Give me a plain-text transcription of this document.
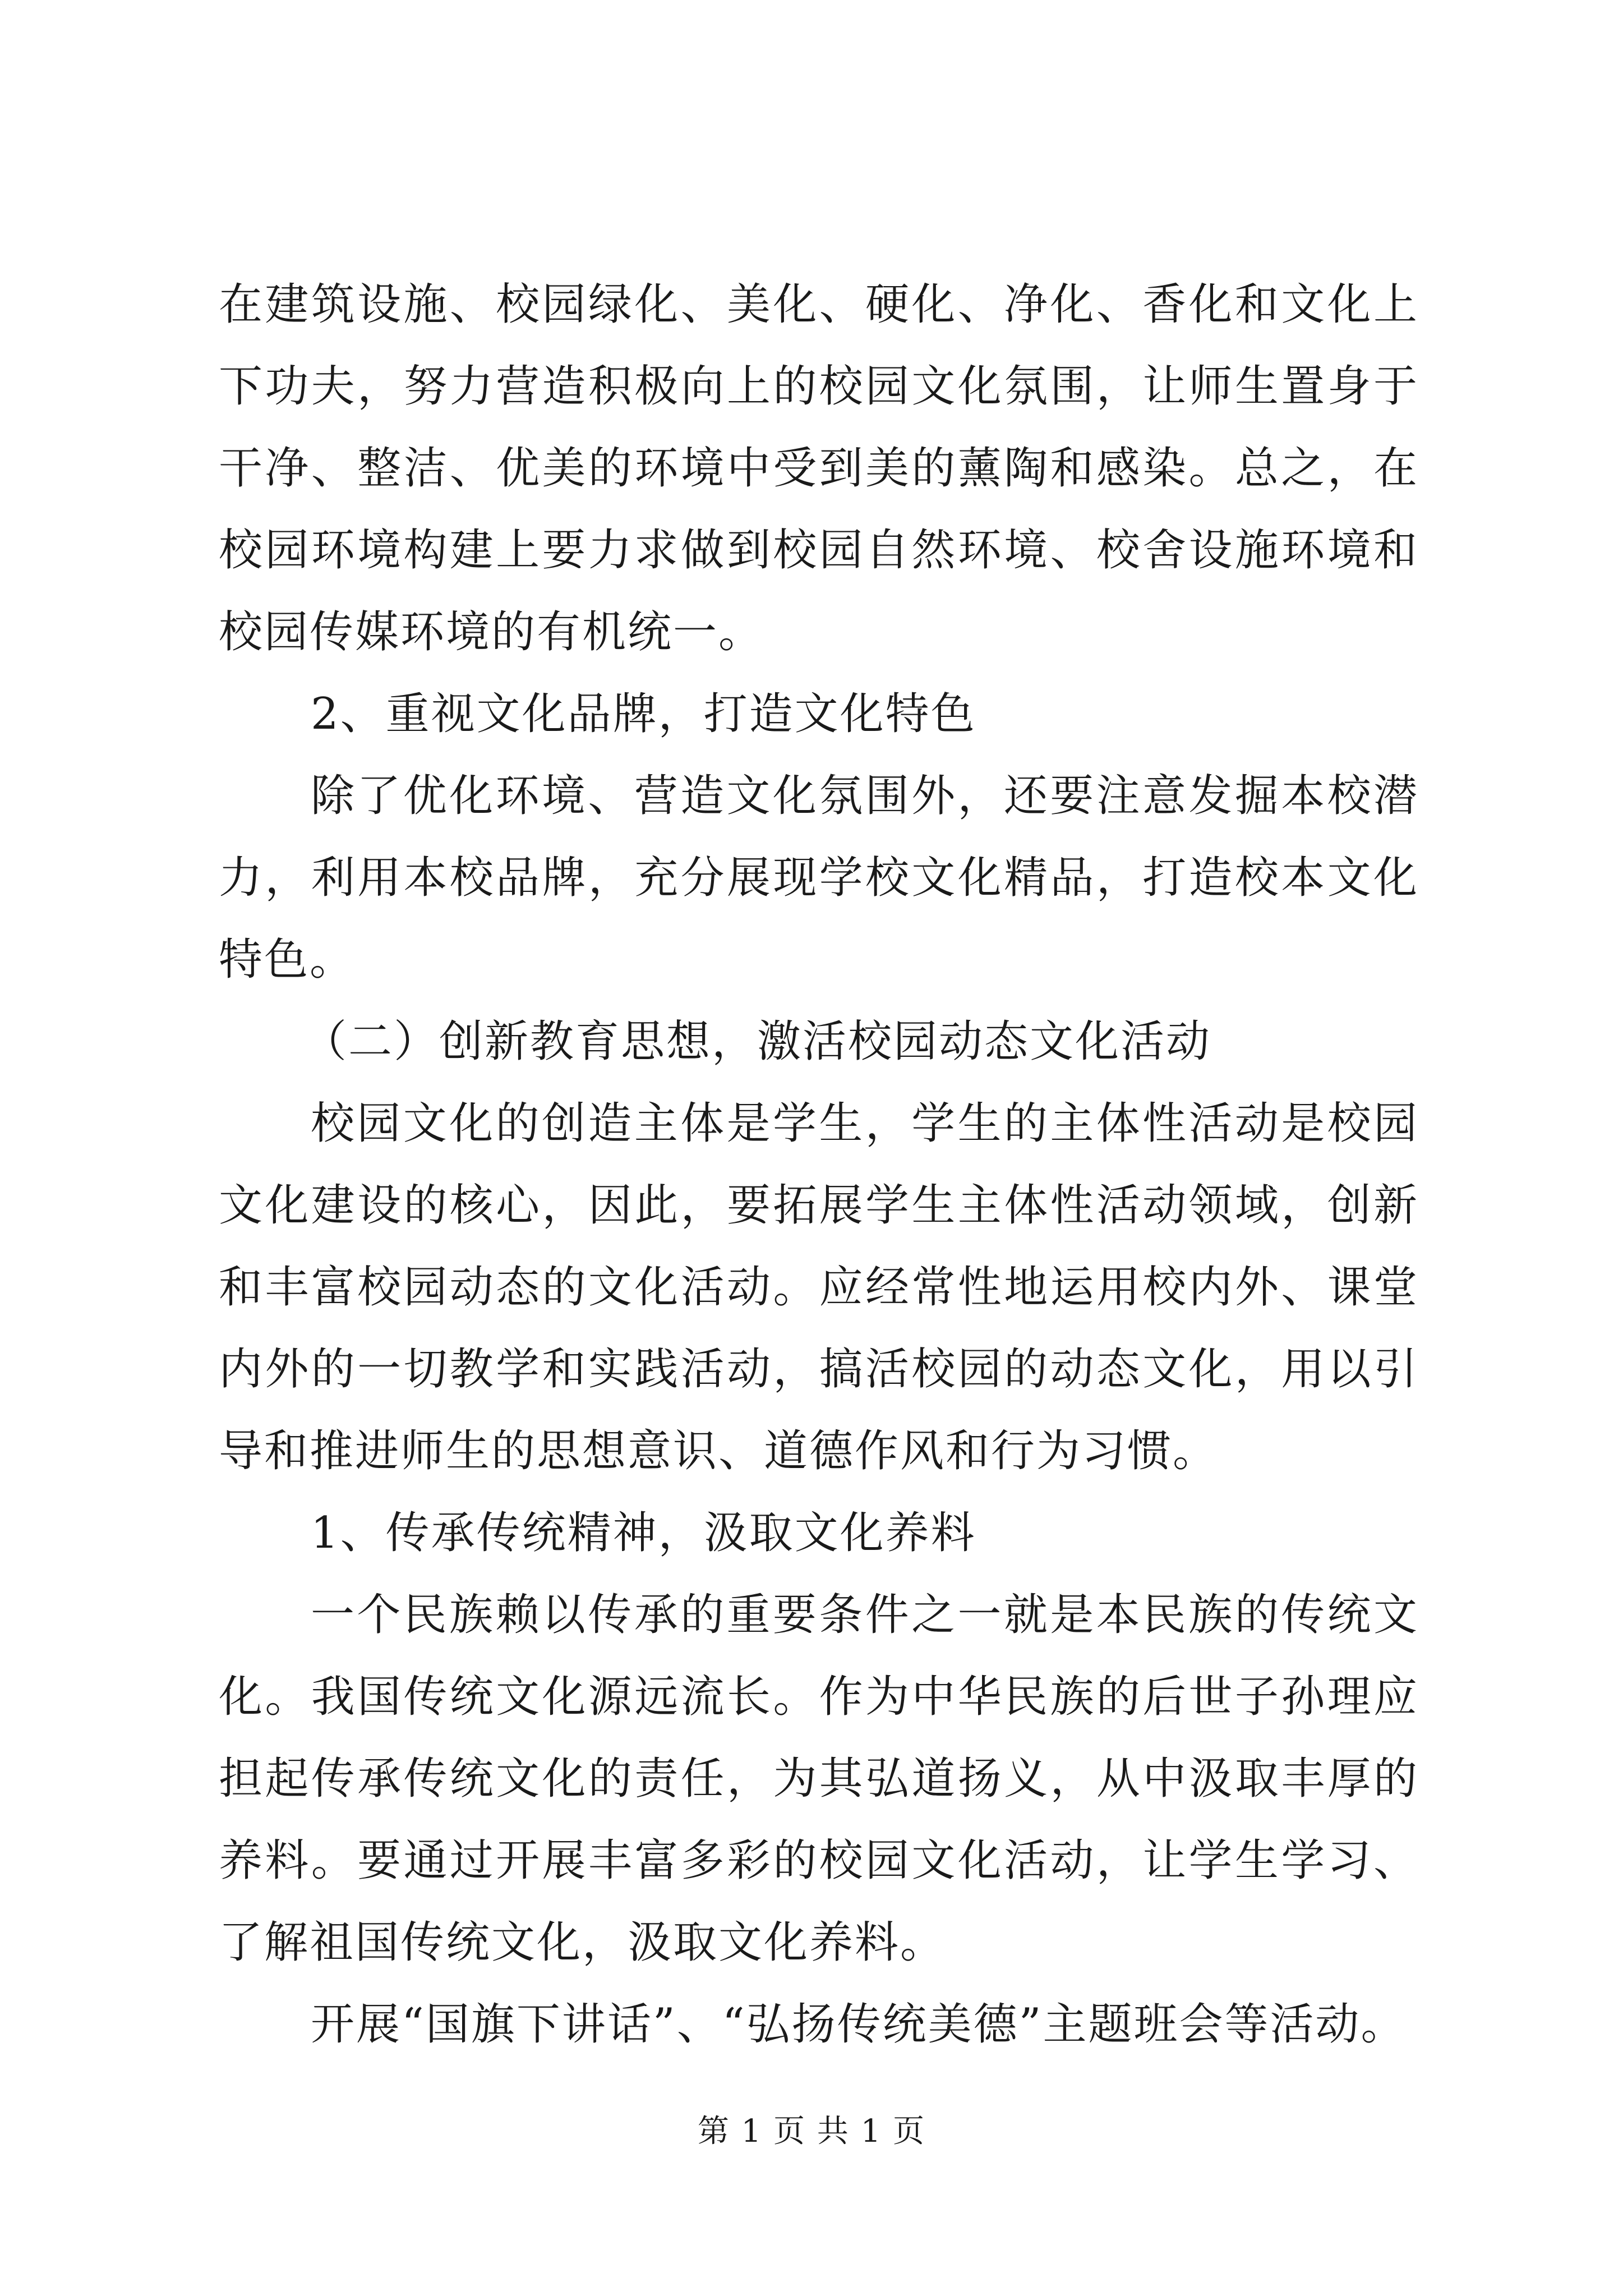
在建筑设施、校园绿化、美化、硬化、净化、香化和文化上下功夫，努力营造积极向上的校园文化氛围，让师生置身于干净、整洁、优美的环境中受到美的薰陶和感染。总之，在校园环境构建上要力求做到校园自然环境、校舍设施环境和校园传媒环境的有机统一。

2、重视文化品牌，打造文化特色

除了优化环境、营造文化氛围外，还要注意发掘本校潜力，利用本校品牌，充分展现学校文化精品，打造校本文化特色。

（二）创新教育思想，激活校园动态文化活动

校园文化的创造主体是学生，学生的主体性活动是校园文化建设的核心，因此，要拓展学生主体性活动领域，创新和丰富校园动态的文化活动。应经常性地运用校内外、课堂内外的一切教学和实践活动，搞活校园的动态文化，用以引导和推进师生的思想意识、道德作风和行为习惯。

1、传承传统精神，汲取文化养料

一个民族赖以传承的重要条件之一就是本民族的传统文化。我国传统文化源远流长。作为中华民族的后世子孙理应担起传承传统文化的责任，为其弘道扬义，从中汲取丰厚的养料。要通过开展丰富多彩的校园文化活动，让学生学习、了解祖国传统文化，汲取文化养料。

开展“国旗下讲话”、“弘扬传统美德”主题班会等活动。

第 1 页 共 1 页
